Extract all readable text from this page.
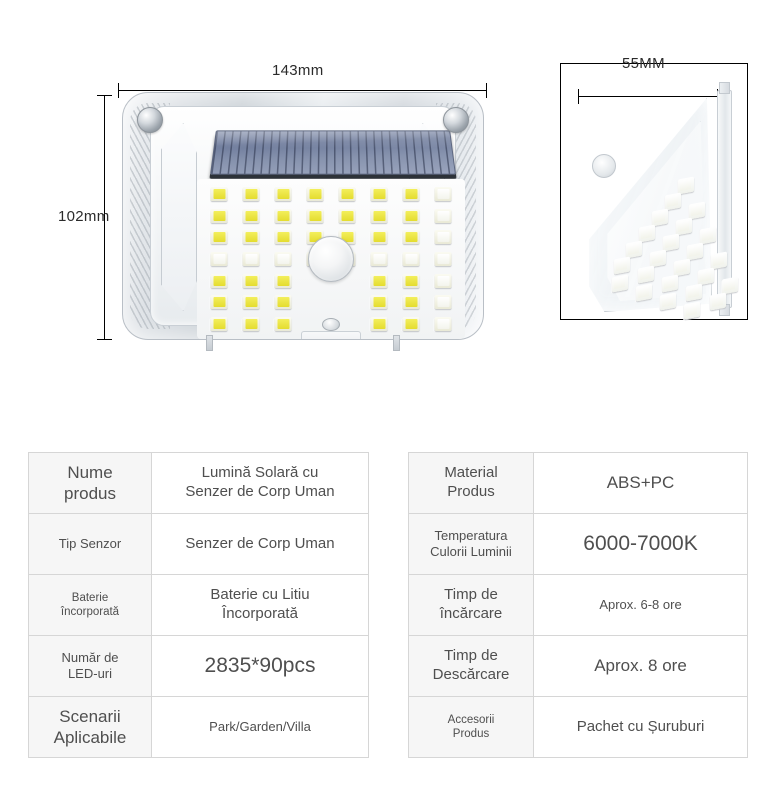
143mm
102mm
55MM
Nume
produs	Lumină Solară cu
Senzer de Corp Uman
Tip Senzor	Senzer de Corp Uman
Baterie
încorporată	Baterie cu Litiu
Încorporată
Număr de
LED-uri	2835*90pcs
Scenarii
Aplicabile	Park/Garden/Villa
Material
Produs	ABS+PC
Temperatura
Culorii Luminii	6000-7000K
Timp de
încărcare	Aprox. 6-8 ore
Timp de
Descărcare	Aprox. 8 ore
Accesorii
Produs	Pachet cu Șuruburi
